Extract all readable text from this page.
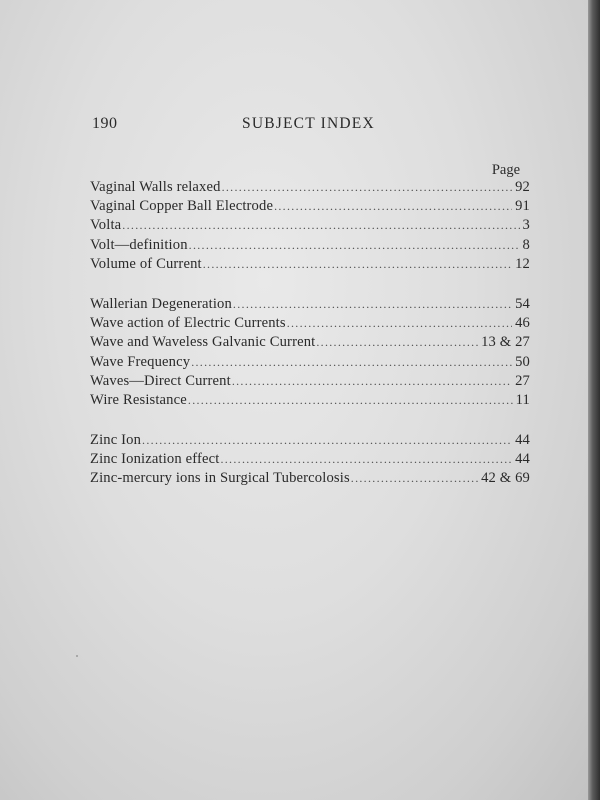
190	SUBJECT INDEX
Page
Vaginal Walls relaxed .....	92
Vaginal Copper Ball Electrode .....	91
Volta .....	3
Volt—definition .....	8
Volume of Current .....	12
Wallerian Degeneration .....	54
Wave action of Electric Currents .....	46
Wave and Waveless Galvanic Current .....	13 & 27
Wave Frequency .....	50
Waves—Direct Current .....	27
Wire Resistance .....	11
Zinc Ion .....	44
Zinc Ionization effect .....	44
Zinc-mercury ions in Surgical Tubercolosis .....	42 & 69
